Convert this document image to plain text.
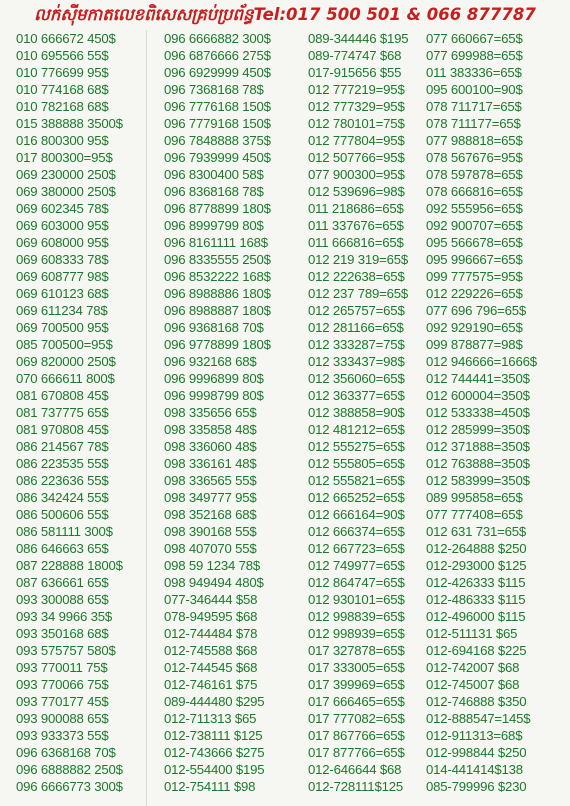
លក់ស៊ីមកាតលេខពិសេសគ្រប់ប្រព័ន្ធTel:017 500 501 & 066 877787
010 666672 450$
010 695566 55$
010 776699 95$
010 774168 68$
010 782168 68$
015 388888 3500$
016 800300 95$
017 800300=95$
069 230000 250$
069 380000 250$
069 602345 78$
069 603000 95$
069 608000 95$
069 608333 78$
069 608777 98$
069 610123 68$
069 611234 78$
069 700500 95$
085 700500=95$
069 820000 250$
070 666611 800$
081 670808 45$
081 737775 65$
081 970808 45$
086 214567 78$
086 223535 55$
086 223636 55$
086 342424 55$
086 500606 55$
086 581111 300$
086 646663 65$
087 228888 1800$
087 636661 65$
093 300088 65$
093 34 9966 35$
093 350168 68$
093 575757 580$
093 770011 75$
093 770066 75$
093 770177 45$
093 900088 65$
093 933373 55$
096 6368168 70$
096 6888882 250$
096 6666773 300$
096 6666882 300$
096 6876666 275$
096 6929999 450$
096 7368168 78$
096 7776168 150$
096 7779168 150$
096 7848888 375$
096 7939999 450$
096 8300400 58$
096 8368168 78$
096 8778899 180$
096 8999799 80$
096 8161111 168$
096 8335555 250$
096 8532222 168$
096 8988886 180$
096 8988887 180$
096 9368168 70$
096 9778899 180$
096 932168 68$
096 9996899 80$
096 9998799 80$
098 335656 65$
098 335858 48$
098 336060 48$
098 336161 48$
098 336565 55$
098 349777 95$
098 352168 68$
098 390168 55$
098 407070 55$
098 59 1234 78$
098 949494 480$
077-346444 $58
078-949595 $68
012-744484 $78
012-745588 $68
012-744545 $68
012-746161 $75
089-444480 $295
012-711313 $65
012-738111 $125
012-743666 $275
012-554400 $195
012-754111 $98
089-344446 $195
089-774747 $68
017-915656 $55
012 777219=95$
012 777329=95$
012 780101=75$
012 777804=95$
012 507766=95$
077 900300=95$
012 539696=98$
011 218686=65$
011 337676=65$
011 666816=65$
012 219 319=65$
012 222638=65$
012 237 789=65$
012 265757=65$
012 281166=65$
012 333287=75$
012 333437=98$
012 356060=65$
012 363377=65$
012 388858=90$
012 481212=65$
012 555275=65$
012 555805=65$
012 555821=65$
012 665252=65$
012 666164=90$
012 666374=65$
012 667723=65$
012 749977=65$
012 864747=65$
012 930101=65$
012 998839=65$
012 998939=65$
017 327878=65$
017 333005=65$
017 399969=65$
017 666465=65$
017 777082=65$
017 867766=65$
017 877766=65$
012-646644 $68
012-728111$125
077 660667=65$
077 699988=65$
011 383336=65$
095 600100=90$
078 711717=65$
078 711177=65$
077 988818=65$
078 567676=95$
078 597878=65$
078 666816=65$
092 555956=65$
092 900707=65$
095 566678=65$
095 996667=65$
099 777575=95$
012 229226=65$
077 696 796=65$
092 929190=65$
099 878877=98$
012 946666=1666$
012 744441=350$
012 600004=350$
012 533338=450$
012 285999=350$
012 371888=350$
012 763888=350$
012 583999=350$
089 995858=65$
077 777408=65$
012 631 731=65$
012-264888 $250
012-293000 $125
012-426333 $115
012-486333 $115
012-496000 $115
012-511131 $65
012-694168 $225
012-742007 $68
012-745007 $68
012-746888 $350
012-888547=145$
012-911313=68$
012-998844 $250
014-441414$138
085-799996 $230
